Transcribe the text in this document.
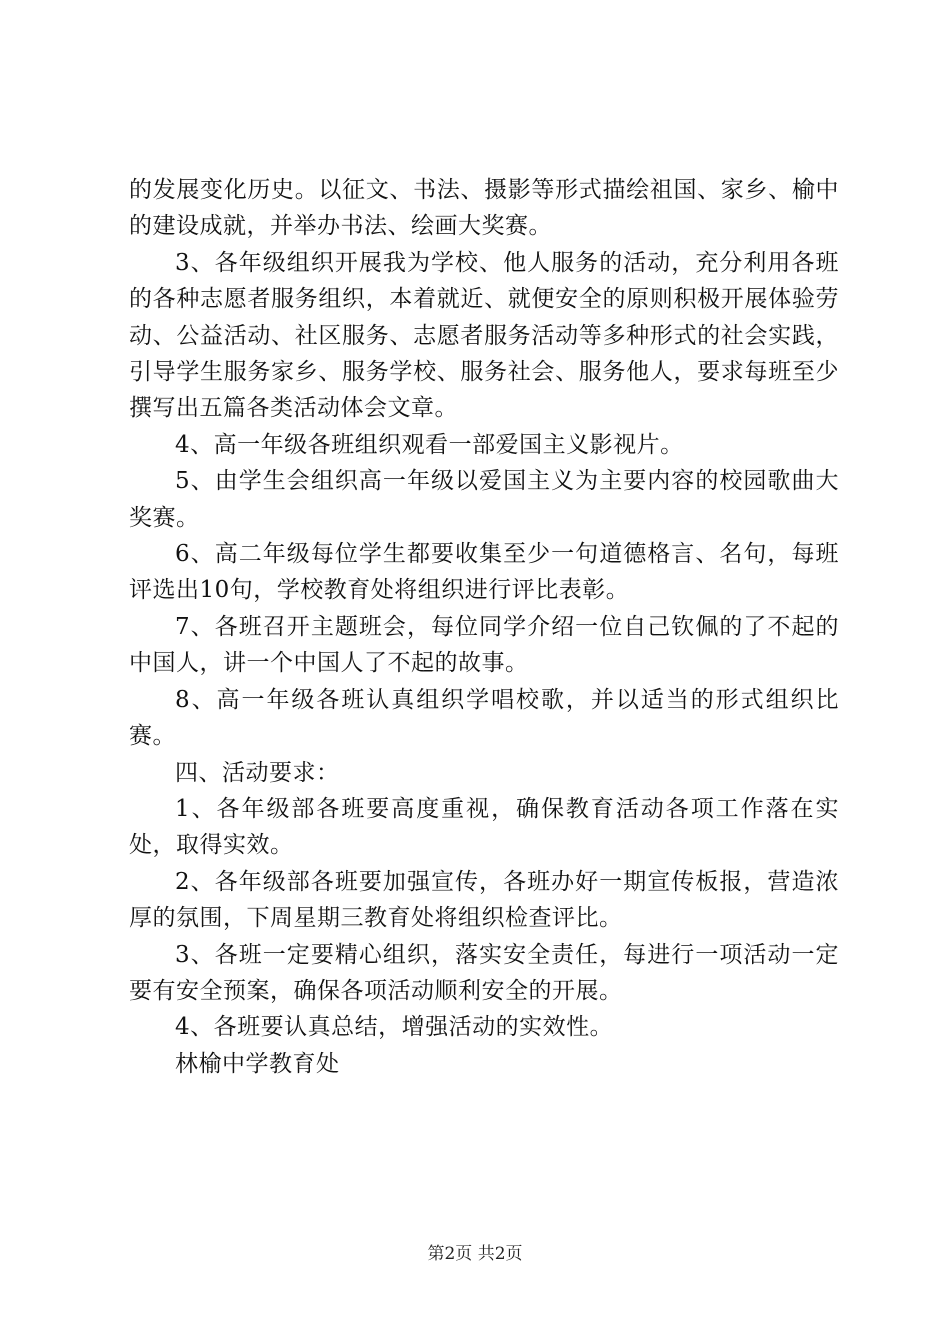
的发展变化历史。以征文、书法、摄影等形式描绘祖国、家乡、榆中的建设成就，并举办书法、绘画大奖赛。

3、各年级组织开展我为学校、他人服务的活动，充分利用各班的各种志愿者服务组织，本着就近、就便安全的原则积极开展体验劳动、公益活动、社区服务、志愿者服务活动等多种形式的社会实践，引导学生服务家乡、服务学校、服务社会、服务他人，要求每班至少撰写出五篇各类活动体会文章。

4、高一年级各班组织观看一部爱国主义影视片。

5、由学生会组织高一年级以爱国主义为主要内容的校园歌曲大奖赛。

6、高二年级每位学生都要收集至少一句道德格言、名句，每班评选出10句，学校教育处将组织进行评比表彰。

7、各班召开主题班会，每位同学介绍一位自己钦佩的了不起的中国人，讲一个中国人了不起的故事。

8、高一年级各班认真组织学唱校歌，并以适当的形式组织比赛。

四、活动要求：

1、各年级部各班要高度重视，确保教育活动各项工作落在实处，取得实效。

2、各年级部各班要加强宣传，各班办好一期宣传板报，营造浓厚的氛围，下周星期三教育处将组织检查评比。

3、各班一定要精心组织，落实安全责任，每进行一项活动一定要有安全预案，确保各项活动顺利安全的开展。

4、各班要认真总结，增强活动的实效性。

林榆中学教育处

第2页 共2页
